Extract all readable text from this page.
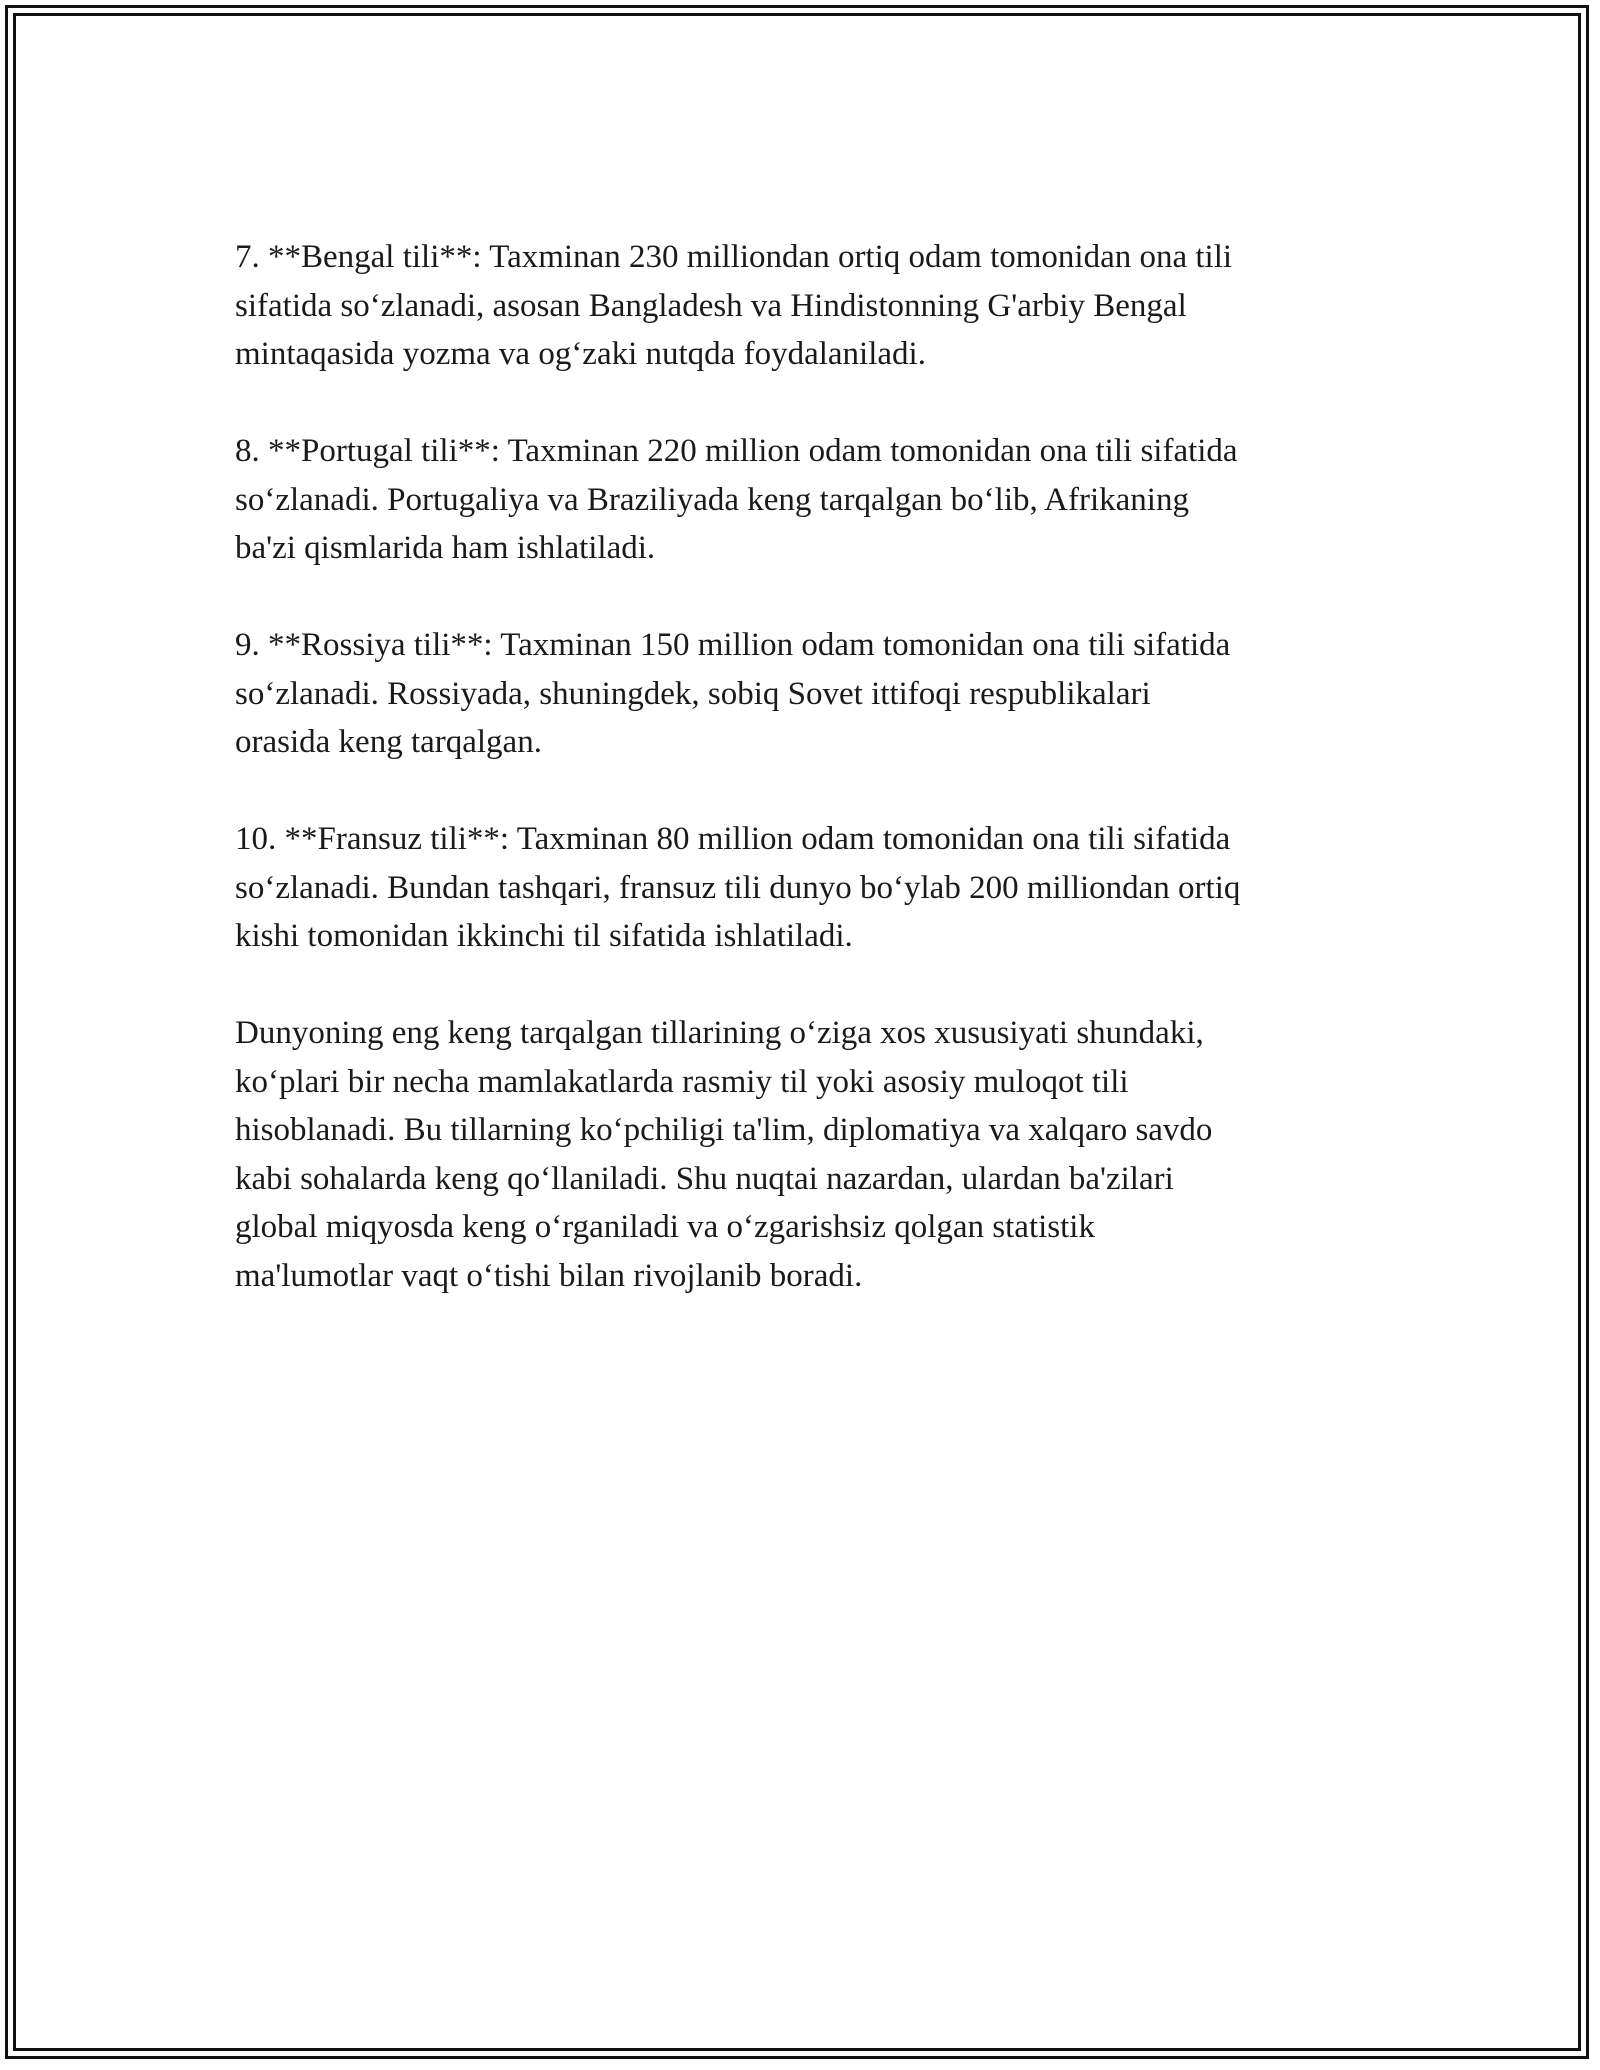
7. **Bengal tili**: Taxminan 230 milliondan ortiq odam tomonidan ona tili
sifatida so‘zlanadi, asosan Bangladesh va Hindistonning G'arbiy Bengal
mintaqasida yozma va og‘zaki nutqda foydalaniladi.

8. **Portugal tili**: Taxminan 220 million odam tomonidan ona tili sifatida
so‘zlanadi. Portugaliya va Braziliyada keng tarqalgan bo‘lib, Afrikaning
ba'zi qismlarida ham ishlatiladi.

9. **Rossiya tili**: Taxminan 150 million odam tomonidan ona tili sifatida
so‘zlanadi. Rossiyada, shuningdek, sobiq Sovet ittifoqi respublikalari
orasida keng tarqalgan.

10. **Fransuz tili**: Taxminan 80 million odam tomonidan ona tili sifatida
so‘zlanadi. Bundan tashqari, fransuz tili dunyo bo‘ylab 200 milliondan ortiq
kishi tomonidan ikkinchi til sifatida ishlatiladi.

Dunyoning eng keng tarqalgan tillarining o‘ziga xos xususiyati shundaki,
ko‘plari bir necha mamlakatlarda rasmiy til yoki asosiy muloqot tili
hisoblanadi. Bu tillarning ko‘pchiligi ta'lim, diplomatiya va xalqaro savdo
kabi sohalarda keng qo‘llaniladi. Shu nuqtai nazardan, ulardan ba'zilari
global miqyosda keng o‘rganiladi va o‘zgarishsiz qolgan statistik
ma'lumotlar vaqt o‘tishi bilan rivojlanib boradi.
